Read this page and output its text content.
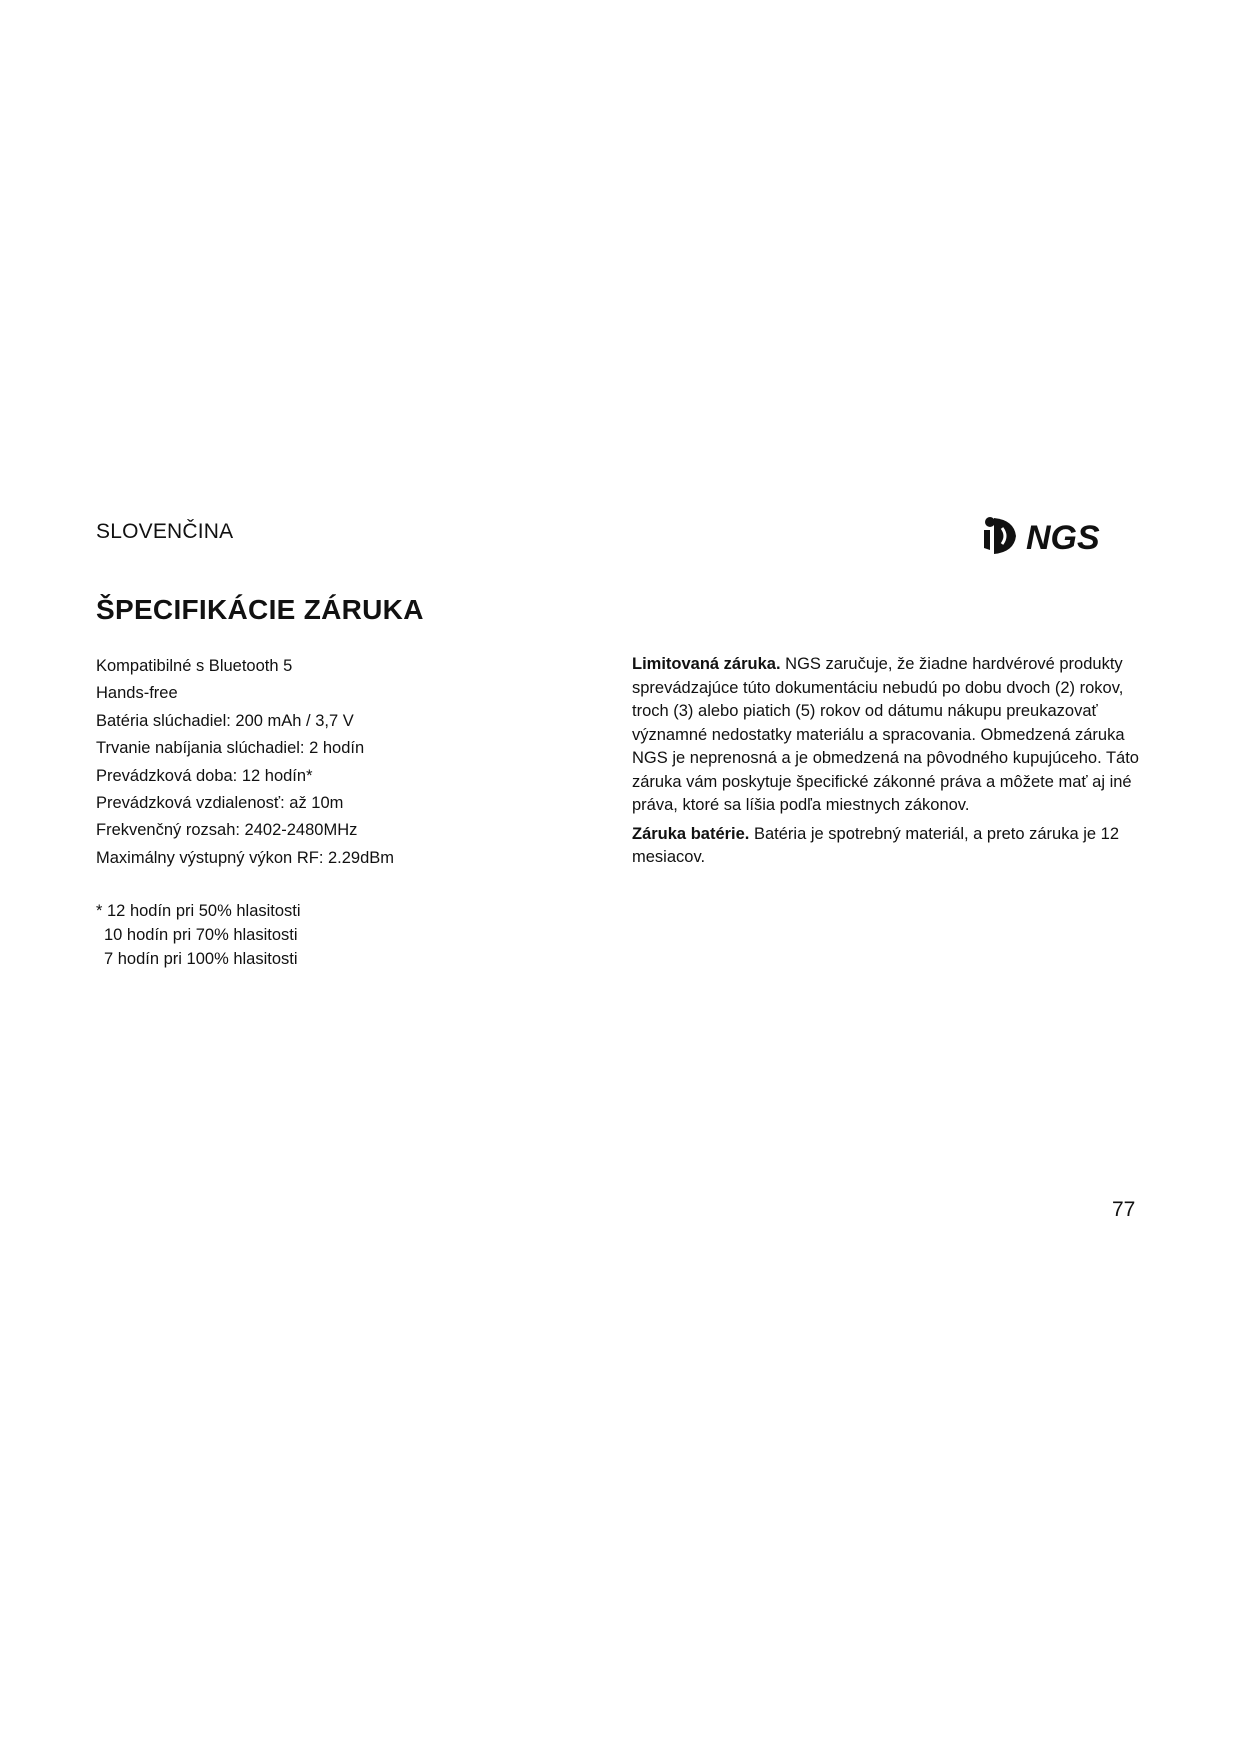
SLOVENČINA	NGS
ŠPECIFIKÁCIE ZÁRUKA
Kompatibilné s Bluetooth 5
Hands-free
Batéria slúchadiel: 200 mAh / 3,7 V
Trvanie nabíjania slúchadiel: 2 hodín
Prevádzková doba: 12 hodín*
Prevádzková vzdialenosť: až 10m
Frekvenčný rozsah: 2402-2480MHz
Maximálny výstupný výkon RF: 2.29dBm
* 12 hodín pri 50% hlasitosti
10 hodín pri 70% hlasitosti
7 hodín pri 100% hlasitosti

Limitovaná záruka. NGS zaručuje, že žiadne hardvérové produkty sprevádzajúce túto dokumentáciu nebudú po dobu dvoch (2) rokov, troch (3) alebo piatich (5) rokov od dátumu nákupu preukazovať významné nedostatky materiálu a spracovania. Obmedzená záruka NGS je neprenosná a je obmedzená na pôvodného kupujúceho. Táto záruka vám poskytuje špecifické zákonné práva a môžete mať aj iné práva, ktoré sa líšia podľa miestnych zákonov.

Záruka batérie. Batéria je spotrebný materiál, a preto záruka je 12 mesiacov.

77
